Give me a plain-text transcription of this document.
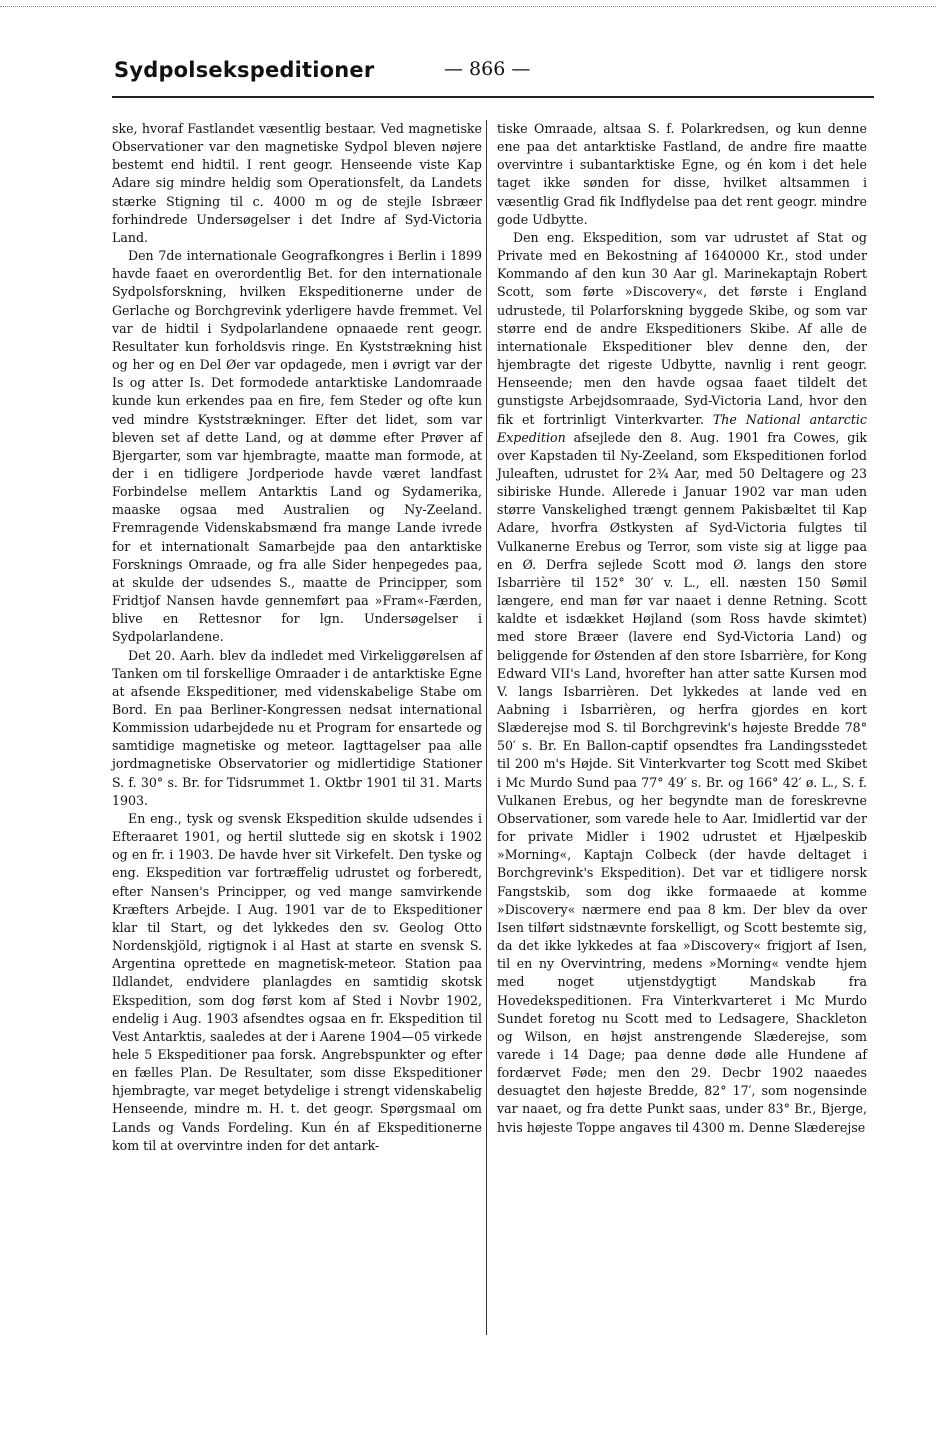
Sydpolsekspeditioner	— 866 —

ske, hvoraf Fastlandet væsentlig bestaar. Ved magnetiske Observationer var den magnetiske Sydpol bleven nøjere bestemt end hidtil. I rent geogr. Henseende viste Kap Adare sig mindre heldig som Operationsfelt, da Landets stærke Stigning til c. 4000 m og de stejle Isbræer forhindrede Undersøgelser i det Indre af Syd-Victoria Land.

Den 7de internationale Geografkongres i Berlin i 1899 havde faaet en overordentlig Bet. for den internationale Sydpolsforskning, hvilken Ekspeditionerne under de Gerlache og Borchgrevink yderligere havde fremmet. Vel var de hidtil i Sydpolarlandene opnaaede rent geogr. Resultater kun forholdsvis ringe. En Kyststrækning hist og her og en Del Øer var opdagede, men i øvrigt var der Is og atter Is. Det formodede antarktiske Landomraade kunde kun erkendes paa en fire, fem Steder og ofte kun ved mindre Kyststrækninger. Efter det lidet, som var bleven set af dette Land, og at dømme efter Prøver af Bjergarter, som var hjembragte, maatte man formode, at der i en tidligere Jordperiode havde været landfast Forbindelse mellem Antarktis Land og Sydamerika, maaske ogsaa med Australien og Ny-Zeeland. Fremragende Videnskabsmænd fra mange Lande ivrede for et internationalt Samarbejde paa den antarktiske Forsknings Omraade, og fra alle Sider henpegedes paa, at skulde der udsendes S., maatte de Principper, som Fridtjof Nansen havde gennemført paa »Fram«-Færden, blive en Rettesnor for lgn. Undersøgelser i Sydpolarlandene.

Det 20. Aarh. blev da indledet med Virkeliggørelsen af Tanken om til forskellige Omraader i de antarktiske Egne at afsende Ekspeditioner, med videnskabelige Stabe om Bord. En paa Berliner-Kongressen nedsat international Kommission udarbejdede nu et Program for ensartede og samtidige magnetiske og meteor. Iagttagelser paa alle jordmagnetiske Observatorier og midlertidige Stationer S. f. 30° s. Br. for Tidsrummet 1. Oktbr 1901 til 31. Marts 1903.

En eng., tysk og svensk Ekspedition skulde udsendes i Efteraaret 1901, og hertil sluttede sig en skotsk i 1902 og en fr. i 1903. De havde hver sit Virkefelt. Den tyske og eng. Ekspedition var fortræffelig udrustet og forberedt, efter Nansen's Principper, og ved mange samvirkende Kræfters Arbejde. I Aug. 1901 var de to Ekspeditioner klar til Start, og det lykkedes den sv. Geolog Otto Nordenskjöld, rigtignok i al Hast at starte en svensk S. Argentina oprettede en magnetisk-meteor. Station paa Ildlandet, endvidere planlagdes en samtidig skotsk Ekspedition, som dog først kom af Sted i Novbr 1902, endelig i Aug. 1903 afsendtes ogsaa en fr. Ekspedition til Vest Antarktis, saaledes at der i Aarene 1904—05 virkede hele 5 Ekspeditioner paa forsk. Angrebspunkter og efter en fælles Plan. De Resultater, som disse Ekspeditioner hjembragte, var meget betydelige i strengt videnskabelig Henseende, mindre m. H. t. det geogr. Spørgsmaal om Lands og Vands Fordeling. Kun én af Ekspeditionerne kom til at overvintre inden for det antark-

tiske Omraade, altsaa S. f. Polarkredsen, og kun denne ene paa det antarktiske Fastland, de andre fire maatte overvintre i subantarktiske Egne, og én kom i det hele taget ikke sønden for disse, hvilket altsammen i væsentlig Grad fik Indflydelse paa det rent geogr. mindre gode Udbytte.

Den eng. Ekspedition, som var udrustet af Stat og Private med en Bekostning af 1640000 Kr., stod under Kommando af den kun 30 Aar gl. Marinekaptajn Robert Scott, som førte »Discovery«, det første i England udrustede, til Polarforskning byggede Skibe, og som var større end de andre Ekspeditioners Skibe. Af alle de internationale Ekspeditioner blev denne den, der hjembragte det rigeste Udbytte, navnlig i rent geogr. Henseende; men den havde ogsaa faaet tildelt det gunstigste Arbejdsomraade, Syd-Victoria Land, hvor den fik et fortrinligt Vinterkvarter. The National antarctic Expedition afsejlede den 8. Aug. 1901 fra Cowes, gik over Kapstaden til Ny-Zeeland, som Ekspeditionen forlod Juleaften, udrustet for 2¾ Aar, med 50 Deltagere og 23 sibiriske Hunde. Allerede i Januar 1902 var man uden større Vanskelighed trængt gennem Pakisbæltet til Kap Adare, hvorfra Østkysten af Syd-Victoria fulgtes til Vulkanerne Erebus og Terror, som viste sig at ligge paa en Ø. Derfra sejlede Scott mod Ø. langs den store Isbarrière til 152° 30′ v. L., ell. næsten 150 Sømil længere, end man før var naaet i denne Retning. Scott kaldte et isdækket Højland (som Ross havde skimtet) med store Bræer (lavere end Syd-Victoria Land) og beliggende for Østenden af den store Isbarrière, for Kong Edward VII's Land, hvorefter han atter satte Kursen mod V. langs Isbarrièren. Det lykkedes at lande ved en Aabning i Isbarrièren, og herfra gjordes en kort Slæderejse mod S. til Borchgrevink's højeste Bredde 78° 50′ s. Br. En Ballon-captif opsendtes fra Landingsstedet til 200 m's Højde. Sit Vinterkvarter tog Scott med Skibet i Mc Murdo Sund paa 77° 49′ s. Br. og 166° 42′ ø. L., S. f. Vulkanen Erebus, og her begyndte man de foreskrevne Observationer, som varede hele to Aar. Imidlertid var der for private Midler i 1902 udrustet et Hjælpeskib »Morning«, Kaptajn Colbeck (der havde deltaget i Borchgrevink's Ekspedition). Det var et tidligere norsk Fangstskib, som dog ikke formaaede at komme »Discovery« nærmere end paa 8 km. Der blev da over Isen tilført sidstnævnte forskelligt, og Scott bestemte sig, da det ikke lykkedes at faa »Discovery« frigjort af Isen, til en ny Overvintring, medens »Morning« vendte hjem med noget utjenstdygtigt Mandskab fra Hovedekspeditionen. Fra Vinterkvarteret i Mc Murdo Sundet foretog nu Scott med to Ledsagere, Shackleton og Wilson, en højst anstrengende Slæderejse, som varede i 14 Dage; paa denne døde alle Hundene af fordærvet Føde; men den 29. Decbr 1902 naaedes desuagtet den højeste Bredde, 82° 17′, som nogensinde var naaet, og fra dette Punkt saas, under 83° Br., Bjerge, hvis højeste Toppe angaves til 4300 m. Denne Slæderejse
